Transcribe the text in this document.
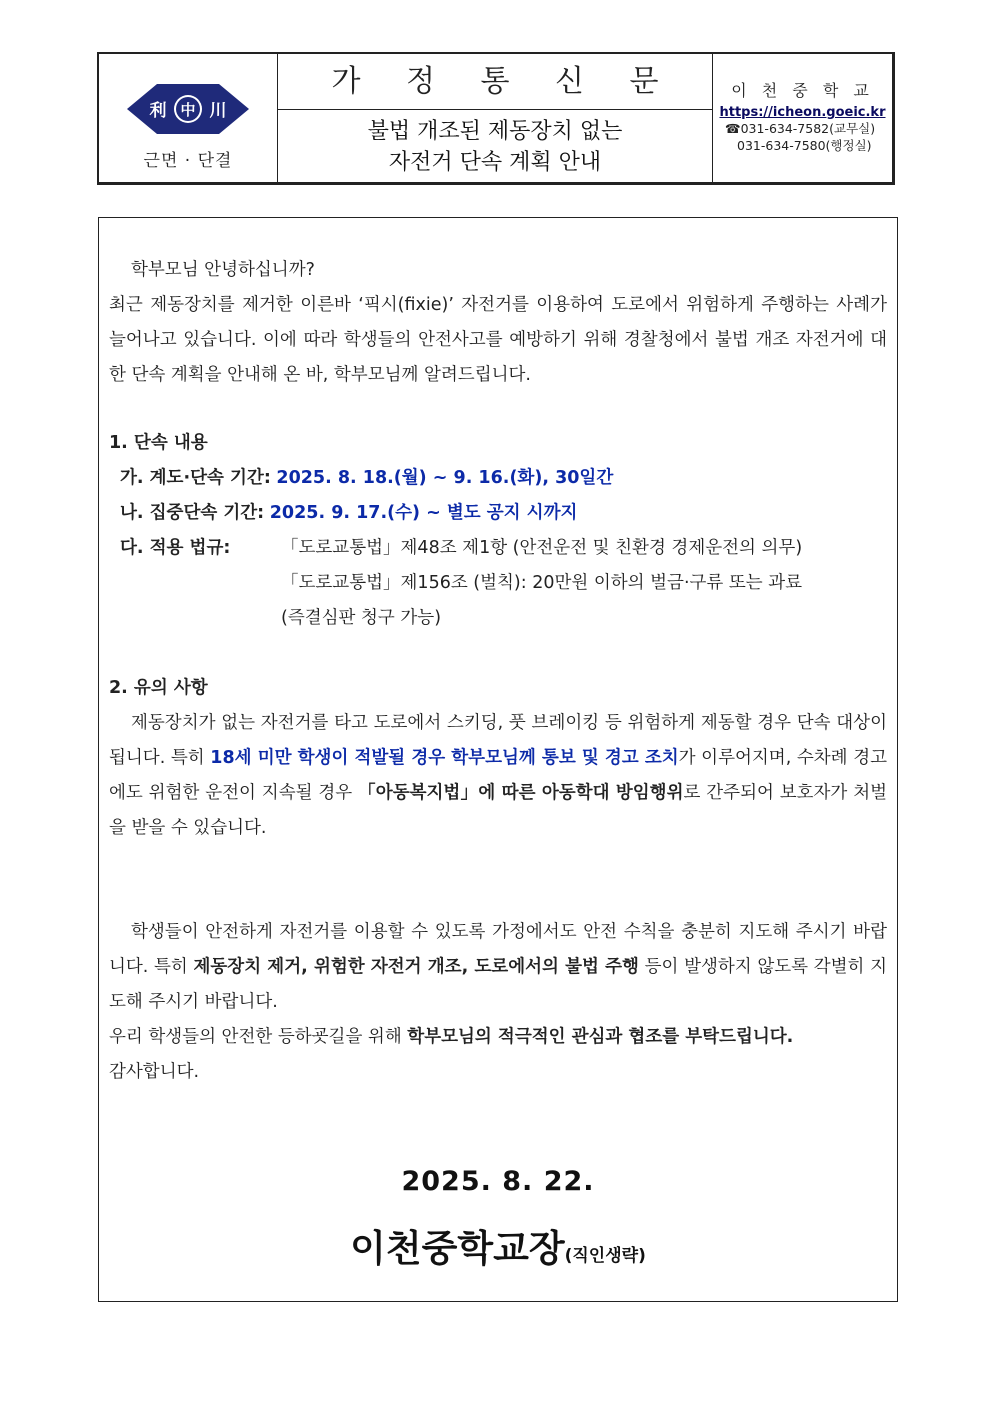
利 中 川
근면 · 단결
가 정 통 신 문
불법 개조된 제동장치 없는
자전거 단속 계획 안내
이 천 중 학 교
https://icheon.goeic.kr
☎031-634-7582(교무실)
031-634-7580(행정실)

학부모님 안녕하십니까?

최근 제동장치를 제거한 이른바 ‘픽시(fixie)’ 자전거를 이용하여 도로에서 위험하게 주행하는 사례가 늘어나고 있습니다. 이에 따라 학생들의 안전사고를 예방하기 위해 경찰청에서 불법 개조 자전거에 대한 단속 계획을 안내해 온 바, 학부모님께 알려드립니다.

1. 단속 내용

가. 계도·단속 기간: 2025. 8. 18.(월) ~ 9. 16.(화), 30일간

나. 집중단속 기간: 2025. 9. 17.(수) ~ 별도 공지 시까지

다. 적용 법규:	「도로교통법」제48조 제1항 (안전운전 및 친환경 경제운전의 의무)

「도로교통법」제156조 (벌칙): 20만원 이하의 벌금·구류 또는 과료

(즉결심판 청구 가능)

2. 유의 사항

제동장치가 없는 자전거를 타고 도로에서 스키딩, 풋 브레이킹 등 위험하게 제동할 경우 단속 대상이 됩니다. 특히 18세 미만 학생이 적발될 경우 학부모님께 통보 및 경고 조치가 이루어지며, 수차례 경고에도 위험한 운전이 지속될 경우 「아동복지법」에 따른 아동학대 방임행위로 간주되어 보호자가 처벌을 받을 수 있습니다.

학생들이 안전하게 자전거를 이용할 수 있도록 가정에서도 안전 수칙을 충분히 지도해 주시기 바랍니다. 특히 제동장치 제거, 위험한 자전거 개조, 도로에서의 불법 주행 등이 발생하지 않도록 각별히 지도해 주시기 바랍니다.

우리 학생들의 안전한 등하굣길을 위해 학부모님의 적극적인 관심과 협조를 부탁드립니다.

감사합니다.

2025. 8. 22.
이천중학교장(직인생략)
